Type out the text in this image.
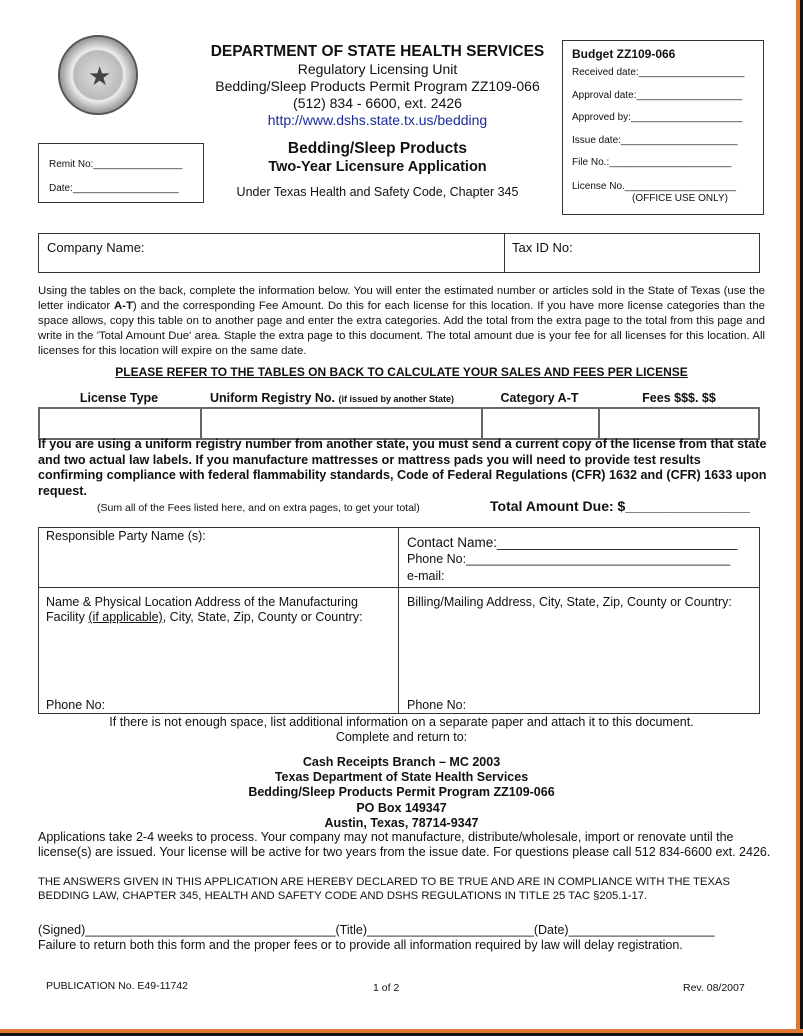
★
DEPARTMENT OF STATE HEALTH SERVICES
Regulatory Licensing Unit
Bedding/Sleep Products Permit Program ZZ109-066
(512) 834 - 6600, ext. 2426
http://www.dshs.state.tx.us/bedding
Bedding/Sleep Products
Two-Year Licensure Application
Under Texas Health and Safety Code, Chapter 345
Remit No:________________
Date:___________________
Budget ZZ109-066
Received date:___________________
Approval date:___________________
Approved by:____________________
Issue date:_____________________
File No.:______________________
License No.____________________
(OFFICE USE ONLY)
Company Name:	Tax ID No:
Using the tables on the back, complete the information below. You will enter the estimated number or articles sold in the State of Texas (use the letter indicator A-T) and the corresponding Fee Amount. Do this for each license for this location. If you have more license categories than the space allows, copy this table on to another page and enter the extra categories. Add the total from the extra page to the total from this page and write in the 'Total Amount Due' area. Staple the extra page to this document. The total amount due is your fee for all licenses for this location. All licenses for this location will expire on the same date.
PLEASE REFER TO THE TABLES ON BACK TO CALCULATE YOUR SALES AND FEES PER LICENSE
License Type	Uniform Registry No. (if issued by another State)	Category A-T	Fees $$$. $$
If you are using a uniform registry number from another state, you must send a current copy of the license from that state and two actual law labels. If you manufacture mattresses or mattress pads you will need to provide test results confirming compliance with federal flammability standards, Code of Federal Regulations (CFR) 1632 and (CFR) 1633 upon request.
(Sum all of the Fees listed here, and on extra pages, to get your total)	Total Amount Due: $________________
Responsible Party Name (s):	Contact Name:________________________________
Phone No:______________________________________
e-mail:
Name & Physical Location Address of the Manufacturing Facility (if applicable), City, State, Zip, County or Country:
Phone No:
Billing/Mailing Address, City, State, Zip, County or Country:
Phone No:
If there is not enough space, list additional information on a separate paper and attach it to this document.
Complete and return to:
Cash Receipts Branch – MC 2003
Texas Department of State Health Services
Bedding/Sleep Products Permit Program ZZ109-066
PO Box 149347
Austin, Texas, 78714-9347
Applications take 2-4 weeks to process. Your company may not manufacture, distribute/wholesale, import or renovate until the license(s) are issued. Your license will be active for two years from the issue date. For questions please call 512 834-6600 ext. 2426.
THE ANSWERS GIVEN IN THIS APPLICATION ARE HEREBY DECLARED TO BE TRUE AND ARE IN COMPLIANCE WITH THE TEXAS BEDDING LAW, CHAPTER 345, HEALTH AND SAFETY CODE AND DSHS REGULATIONS IN TITLE 25 TAC §205.1-17.
(Signed)____________________________________(Title)________________________(Date)_____________________
Failure to return both this form and the proper fees or to provide all information required by law will delay registration.
PUBLICATION No. E49-11742	1 of 2	Rev. 08/2007
